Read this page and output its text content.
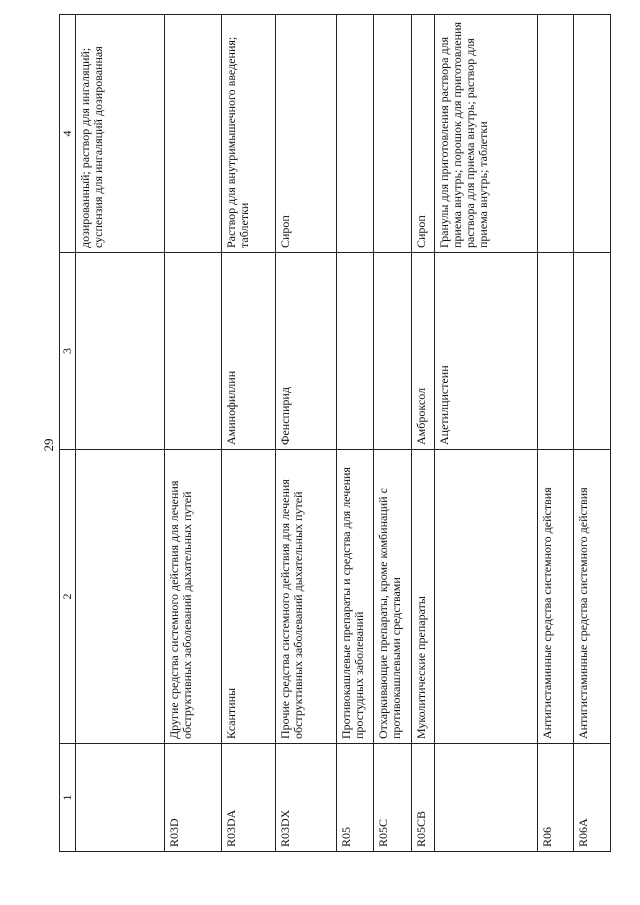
29
1	2	3	4
			дозированный; раствор для ингаляций; суспензия для ингаляций дозированная
R03D	Другие средства системного действия для лечения обструктивных заболеваний дыхательных путей		
R03DA	Ксантины	Аминофиллин	Раствор для внутримышечного введения; таблетки
R03DX	Прочие средства системного действия для лечения обструктивных заболеваний дыхательных путей	Фенспирид	Сироп
R05	Противокашлевые препараты и средства для лечения простудных заболеваний		
R05C	Отхаркивающие препараты, кроме комбинаций с противокашлевыми средствами		
R05CB	Муколитические препараты	Амброксол	Сироп
		Ацетилцистеин	Гранулы для приготовления раствора для приема внутрь; порошок для приготовления раствора для приема внутрь; раствор для приема внутрь; таблетки
R06	Антигистаминные средства системного действия		
R06A	Антигистаминные средства системного действия		
